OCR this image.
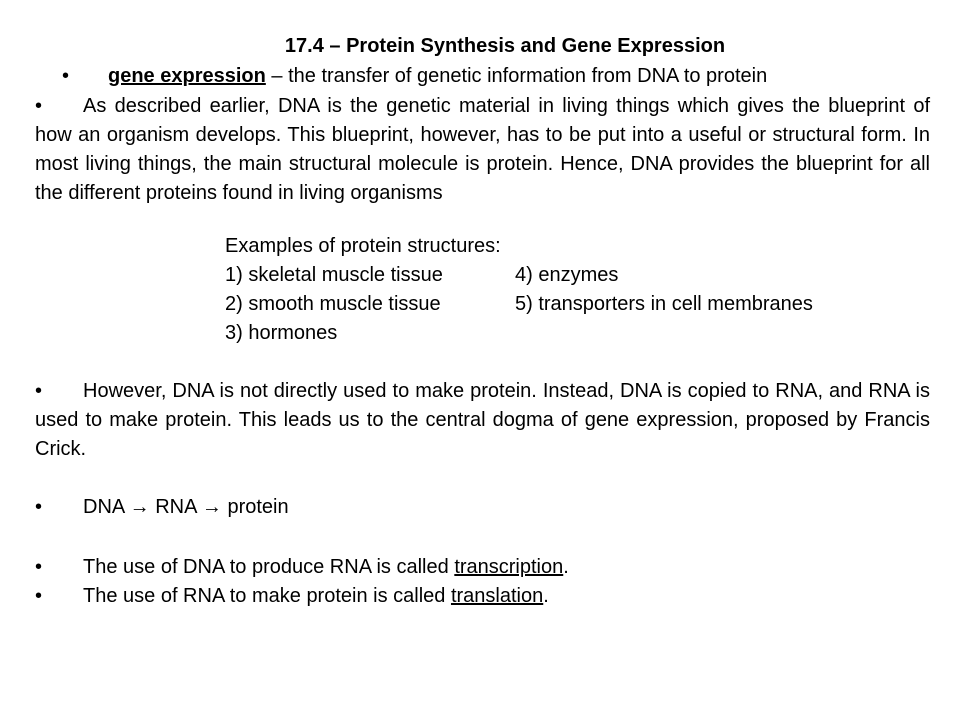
17.4 – Protein Synthesis and Gene Expression
• gene expression – the transfer of genetic information from DNA to protein
• As described earlier, DNA is the genetic material in living things which gives the blueprint of how an organism develops. This blueprint, however, has to be put into a useful or structural form. In most living things, the main structural molecule is protein. Hence, DNA provides the blueprint for all the different proteins found in living organisms
Examples of protein structures:
1) skeletal muscle tissue	4) enzymes
2) smooth muscle tissue	5) transporters in cell membranes
3) hormones
• However, DNA is not directly used to make protein. Instead, DNA is copied to RNA, and RNA is used to make protein. This leads us to the central dogma of gene expression, proposed by Francis Crick.
• DNA → RNA → protein
• The use of DNA to produce RNA is called transcription.
• The use of RNA to make protein is called translation.
